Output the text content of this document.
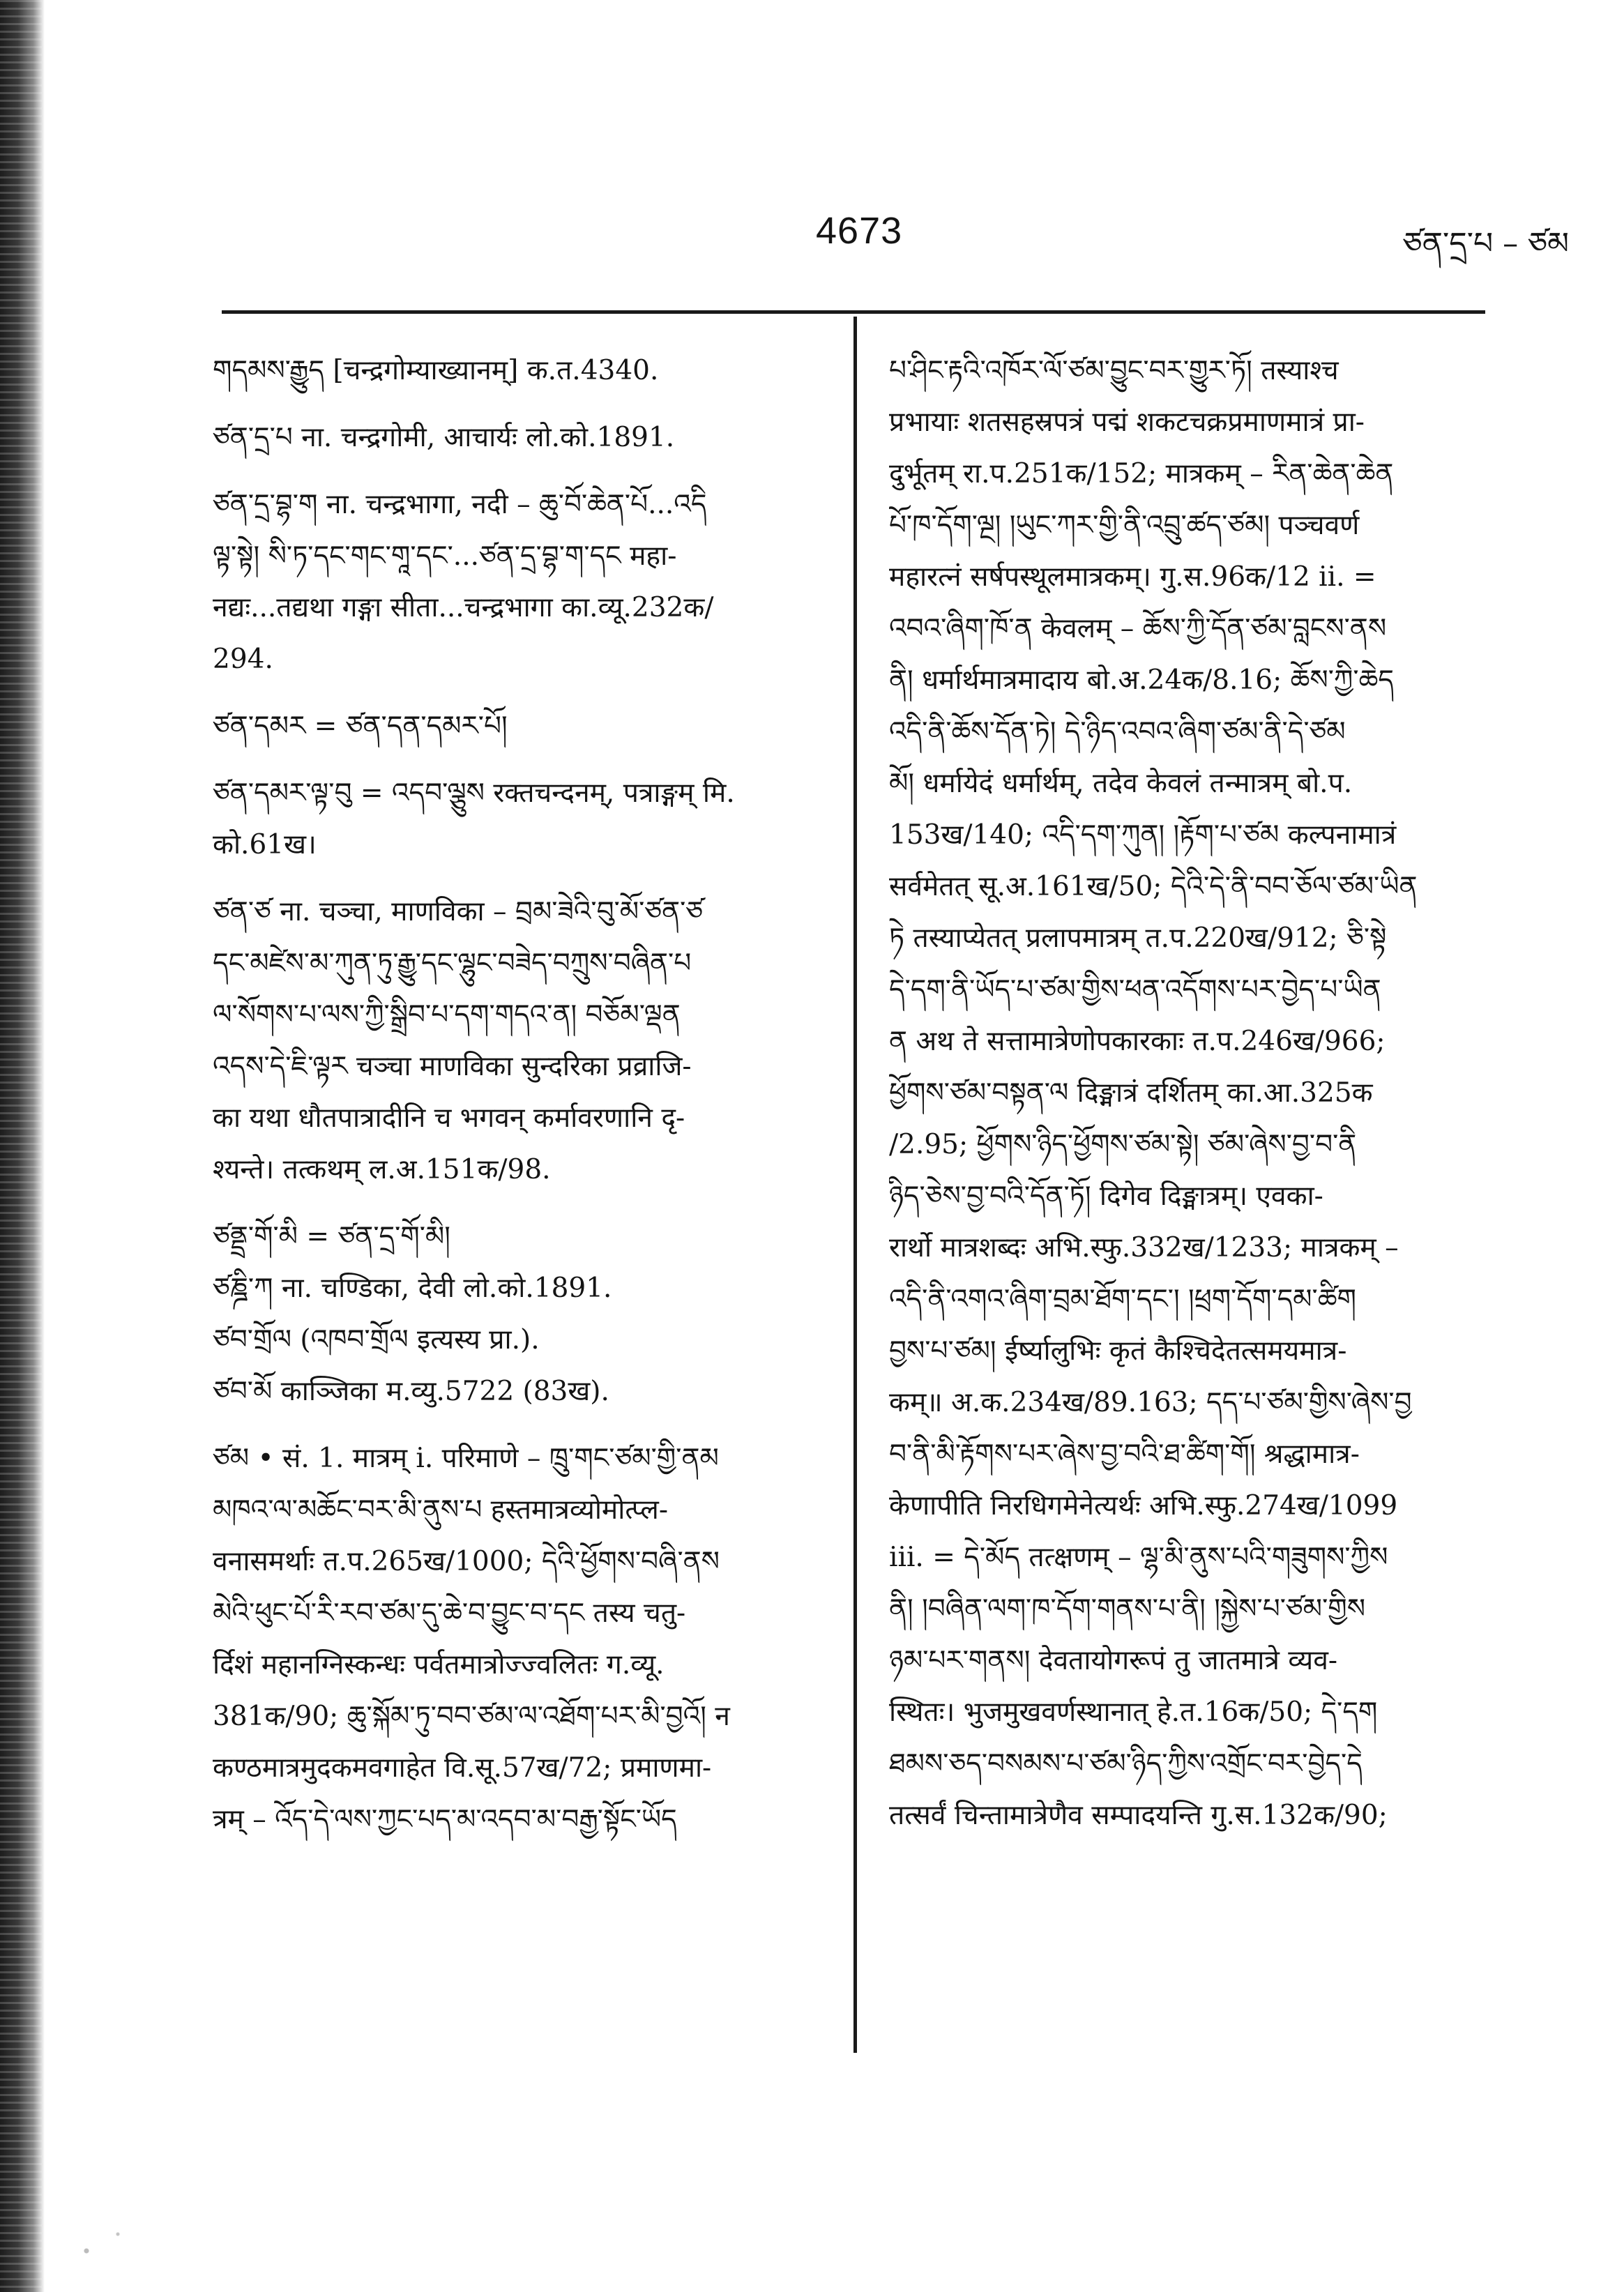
4673	ཙན་དྲ་པ – ཙམ
གདམས་རྒྱུད [चन्द्रगोम्याख्यानम्] क.त.4340.
ཙན་དྲ་པ ना. चन्द्रगोमी, आचार्यः लो.को.1891.
ཙན་དྲ་བྷ་ག ना. चन्द्रभागा, नदी – ཆུ་བོ་ཆེན་པོ...འདི
ལྟ་སྟེ། སི་ཏ་དང་གང་གཱ་དང་...ཙན་དྲ་བྷ་ག་དང महा-
नद्यः...तद्यथा गङ्गा सीता...चन्द्रभागा का.व्यू.232क/
294.
ཙན་དམར = ཙན་དན་དམར་པོ།
ཙན་དམར་ལྟ་བུ = འདབ་ལྕུས रक्तचन्दनम्, पत्राङ्गम् मि.
को.61ख।
ཙན་ཙ ना. चञ्चा, माणविका – བྲམ་ཟེའི་བུ་མོ་ཙན་ཙ
དང་མཛེས་མ་ཀུན་ཏུ་རྒྱུ་དང་ལྷུང་བཟེད་བཀྲུས་བཞིན་པ
ལ་སོགས་པ་ལས་ཀྱི་སྒྲིབ་པ་དག་གདའ་ན། བཅོམ་ལྡན
འདས་དེ་ཇི་ལྟར चञ्चा माणविका सुन्दरिका प्रव्राजि-
का यथा धौतपात्रादीनि च भगवन् कर्मावरणानि दृ-
श्यन्ते। तत्कथम् ल.अ.151क/98.
ཙནྡྲ་གོ་མི = ཙན་དྲ་གོ་མི།
ཙཎྜི་ཀ ना. चण्डिका, देवी लो.को.1891.
ཙབ་གྲོལ (འཁབ་གྲོལ इत्यस्य प्रा.).
ཙབ་མོ काञ्जिका म.व्यु.5722 (83ख).
ཙམ • सं. 1. मात्रम् i. परिमाणे – ཁྲུ་གང་ཙམ་གྱི་ནམ
མཁའ་ལ་མཆོང་བར་མི་ནུས་པ हस्तमात्रव्योमोत्प्ल-
वनासमर्थाः त.प.265ख/1000; དེའི་ཕྱོགས་བཞི་ནས
མེའི་ཕུང་པོ་རི་རབ་ཙམ་དུ་ཆེ་བ་བྱུང་བ་དང तस्य चतु-
र्दिशं महानग्निस्कन्धः पर्वतमात्रोज्ज्वलितः ग.व्यू.
381क/90; ཆུ་སྐོམ་ཏུ་བབ་ཙམ་ལ་འཐོག་པར་མི་བྱའོ། न
कण्ठमात्रमुदकमवगाहेत वि.सू.57ख/72; प्रमाणमा-
त्रम् – འོད་དེ་ལས་ཀྱང་པད་མ་འདབ་མ་བརྒྱ་སྟོང་ཡོད
པ་ཤིང་རྟའི་འཁོར་ལོ་ཙམ་བྱུང་བར་གྱུར་ཏོ། तस्याश्च
प्रभायाः शतसहस्रपत्रं पद्मं शकटचक्रप्रमाणमात्रं प्रा-
दुर्भूतम् रा.प.251क/152; मात्रकम् – རིན་ཆེན་ཆེན
པོ་ཁ་དོག་ལྔ། །ཡུང་ཀར་གྱི་ནི་འབྲུ་ཚད་ཙམ། पञ्चवर्ण
महारत्नं सर्षपस्थूलमात्रकम्। गु.स.96क/12 ii. =
འབའ་ཞིག་ཁོ་ན केवलम् – ཆོས་ཀྱི་དོན་ཙམ་བླངས་ནས
ནི། धर्मार्थमात्रमादाय बो.अ.24क/8.16; ཆོས་ཀྱི་ཆེད
འདི་ནི་ཆོས་དོན་ཏེ། དེ་ཉིད་འབའ་ཞིག་ཙམ་ནི་དེ་ཙམ
མོ། धर्मायेदं धर्मार्थम्, तदेव केवलं तन्मात्रम् बो.प.
153ख/140; འདི་དག་ཀུན། །རྟོག་པ་ཙམ कल्पनामात्रं
सर्वमेतत् सू.अ.161ख/50; དེའི་དེ་ནི་བབ་ཅོལ་ཙམ་ཡིན
ཏེ तस्याप्येतत् प्रलापमात्रम् त.प.220ख/912; ཅི་སྟེ
དེ་དག་ནི་ཡོད་པ་ཙམ་གྱིས་ཕན་འདོགས་པར་བྱེད་པ་ཡིན
ན अथ ते सत्तामात्रेणोपकारकाः त.प.246ख/966;
ཕྱོགས་ཙམ་བསྟན་ལ दिङ्मात्रं दर्शितम् का.आ.325क
/2.95; ཕྱོགས་ཉིད་ཕྱོགས་ཙམ་སྟེ། ཙམ་ཞེས་བྱ་བ་ནི
ཉིད་ཅེས་བྱ་བའི་དོན་ཏོ། दिगेव दिङ्मात्रम्। एवका-
रार्थो मात्रशब्दः अभि.स्फु.332ख/1233; मात्रकम् –
འདི་ནི་འགའ་ཞིག་བྲམ་ཐོག་དང་། །ཕྲག་དོག་དམ་ཚིག
བྱས་པ་ཙམ། ईर्ष्यालुभिः कृतं कैश्चिदेतत्समयमात्र-
कम्॥ अ.क.234ख/89.163; དད་པ་ཙམ་གྱིས་ཞེས་བྱ
བ་ནི་མི་རྟོགས་པར་ཞེས་བྱ་བའི་ཐ་ཚིག་གོ། श्रद्धामात्र-
केणापीति निरधिगमेनेत्यर्थः अभि.स्फु.274ख/1099
iii. = དེ་མོད तत्क्षणम् – ལྷ་མི་ནུས་པའི་གཟུགས་ཀྱིས
ནི། །བཞིན་ལག་ཁ་དོག་གནས་པ་ནི། །སྐྱེས་པ་ཙམ་གྱིས
ཉམ་པར་གནས། देवतायोगरूपं तु जातमात्रे व्यव-
स्थितः। भुजमुखवर्णस्थानात् हे.त.16क/50; དེ་དག
ཐམས་ཅད་བསམས་པ་ཙམ་ཉིད་ཀྱིས་འགྲོང་བར་བྱེད་དེ
तत्सर्वं चिन्तामात्रेणैव सम्पादयन्ति गु.स.132क/90;
